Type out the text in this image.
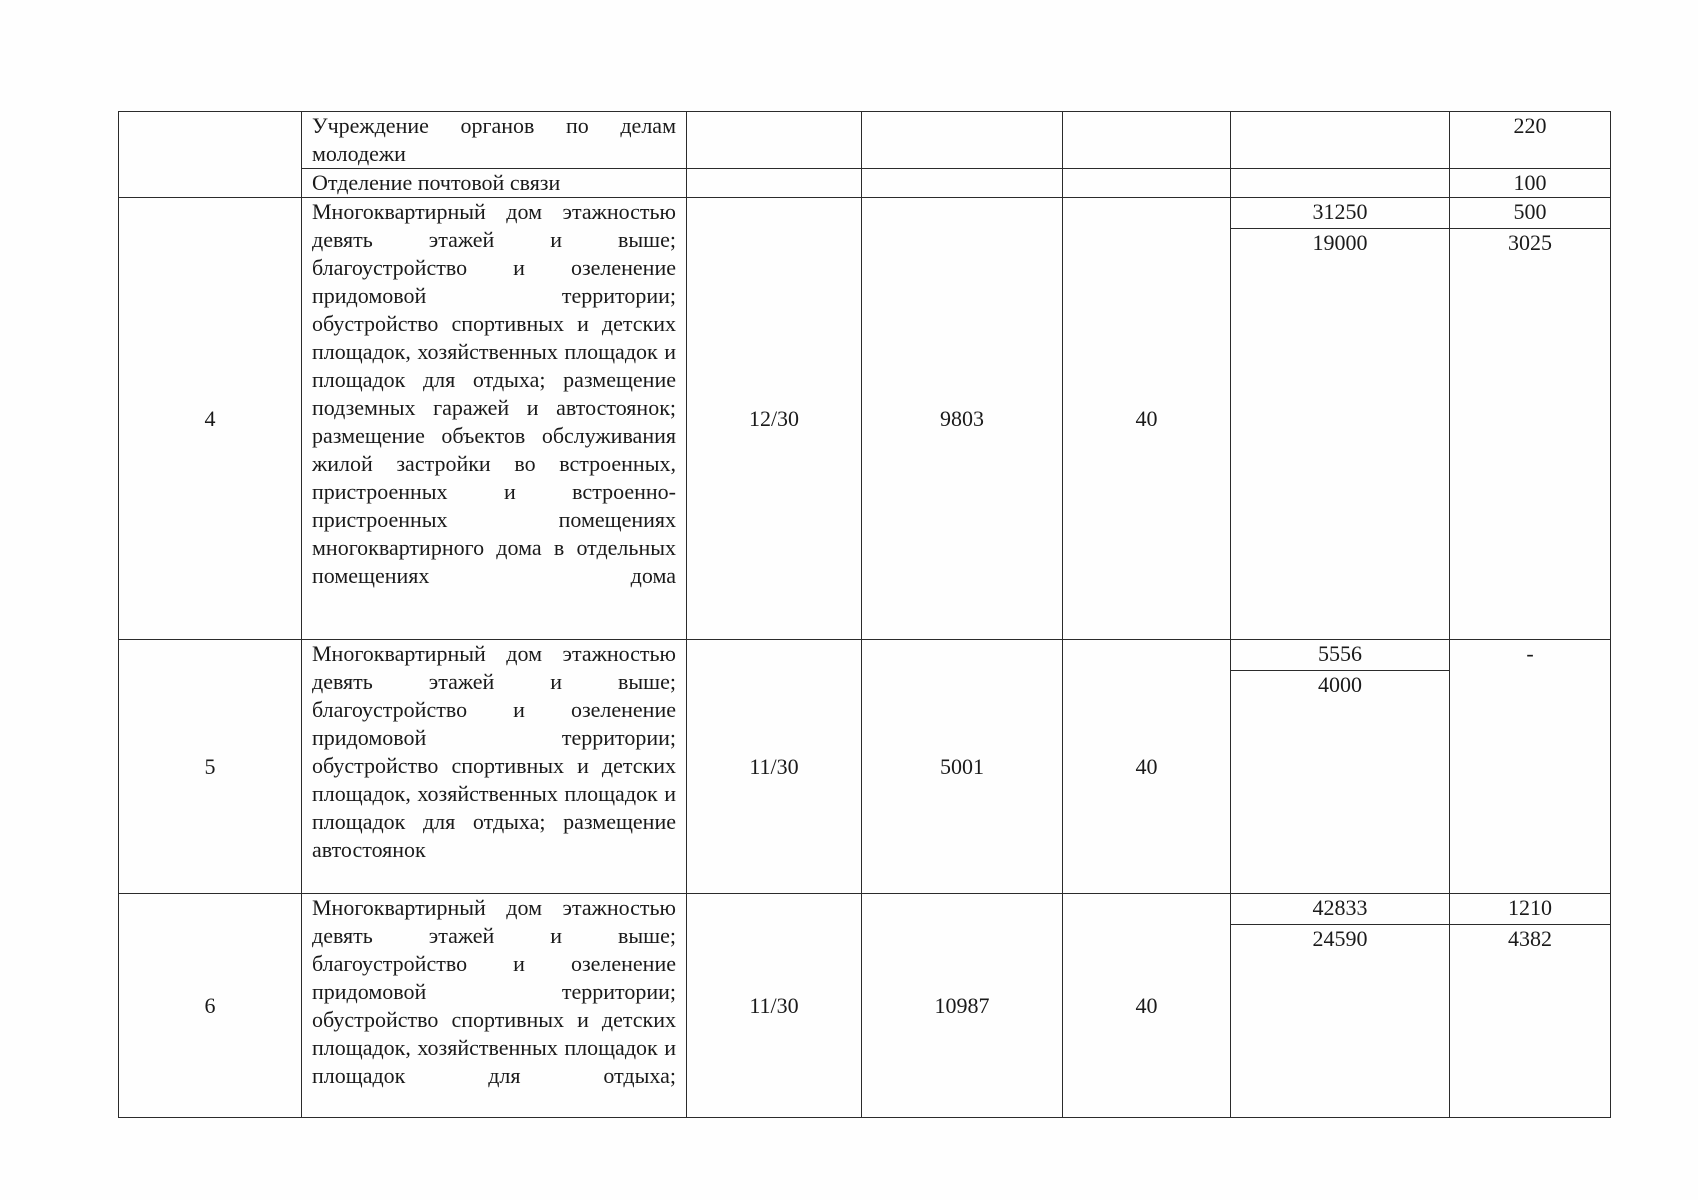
	Учреждение органов по делам молодежи					220

	Отделение почтовой связи					100
4	Многоквартирный дом этажностью девять этажей и выше; благоустройство и озеленение придомовой территории; обустройство спортивных и детских площадок, хозяйственных площадок и площадок для отдыха; размещение подземных гаражей и автостоянок; размещение объектов обслуживания жилой застройки во встроенных, пристроенных и встроенно-пристроенных помещениях многоквартирного дома в отдельных помещениях дома	12/30	9803	40	31250	500
					19000	3025
5	Многоквартирный дом этажностью девять этажей и выше; благоустройство и озеленение придомовой территории; обустройство спортивных и детских площадок, хозяйственных площадок и площадок для отдыха; размещение автостоянок	11/30	5001	40	5556	-
					4000	
6	Многоквартирный дом этажностью девять этажей и выше; благоустройство и озеленение придомовой территории; обустройство спортивных и детских площадок, хозяйственных площадок и площадок для отдыха;	11/30	10987	40	42833	1210
					24590	4382
